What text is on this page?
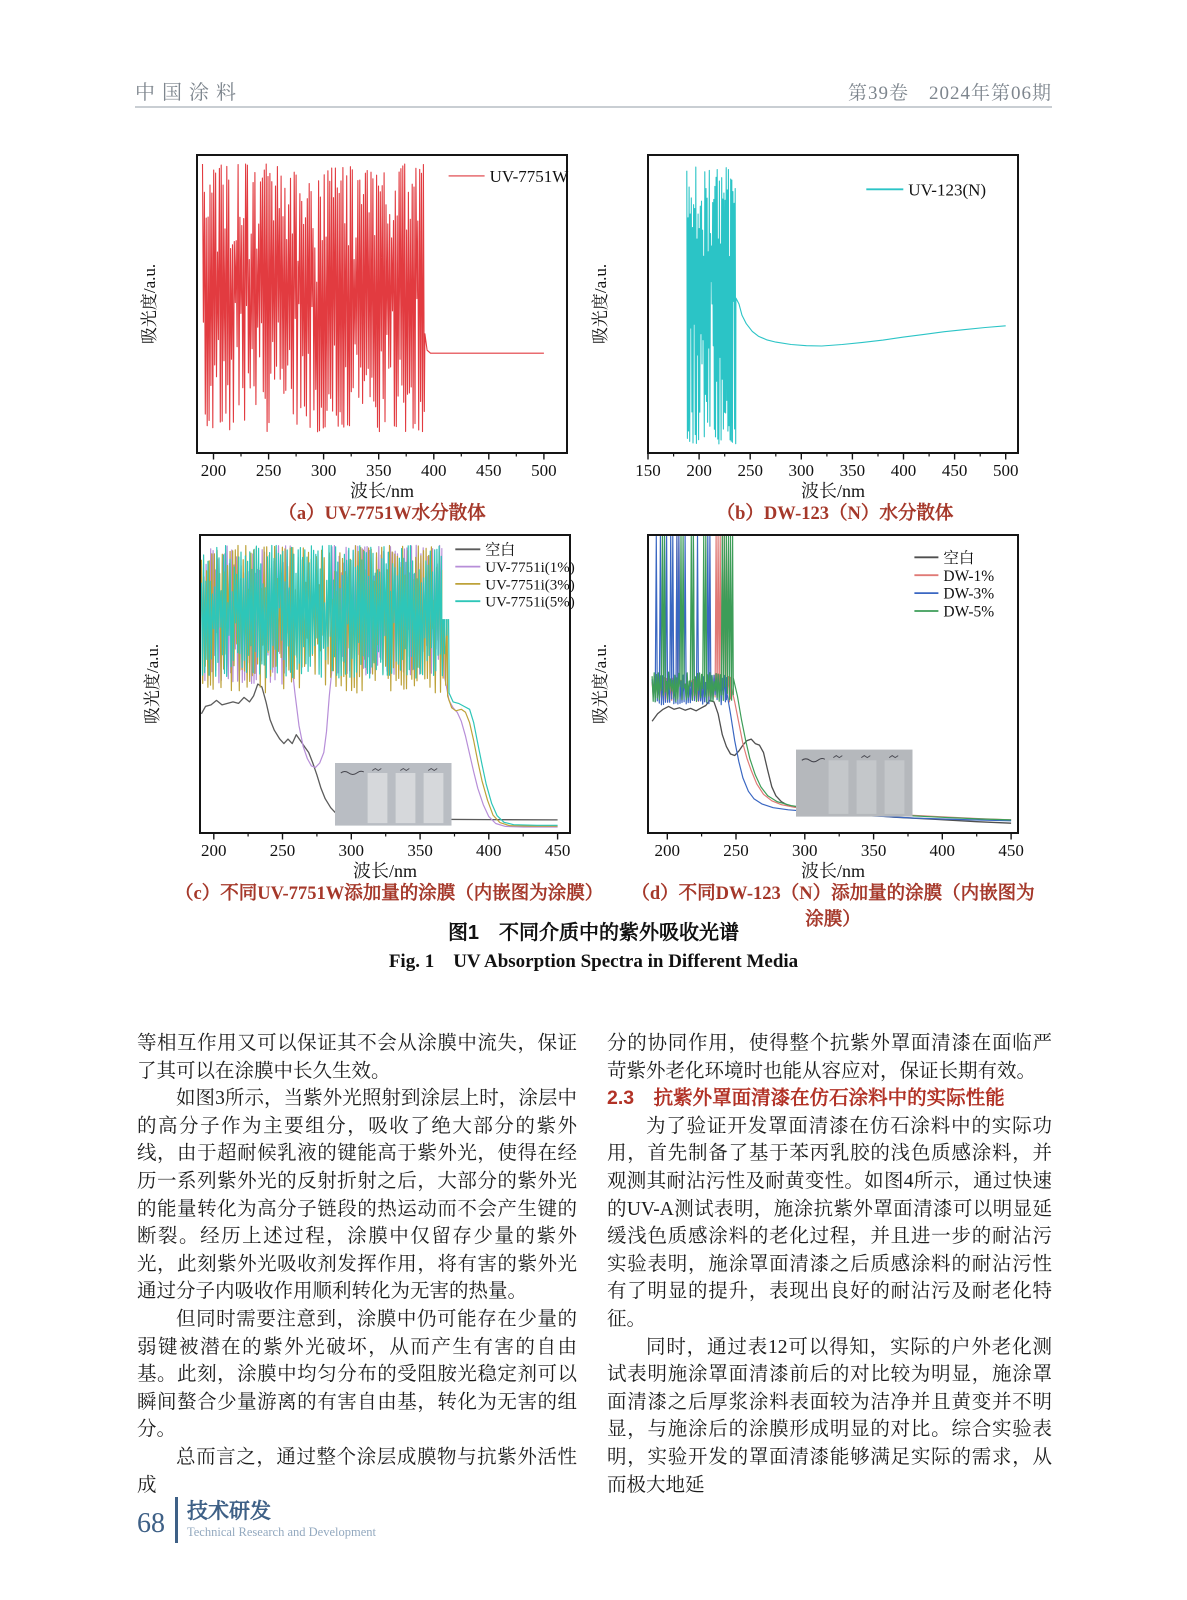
中国涂料	第39卷　2024年第06期
200 250 300 350 400 450 500
波长/nm
吸光度/a.u.
UV-7751W
150 200 250 300 350 400 450 500
波长/nm
吸光度/a.u.
UV-123(N)
200	250	300	350	400	450
波长/nm
吸光度/a.u.
空白
UV-7751i(1%)
UV-7751i(3%)
UV-7751i(5%)
200	250	300	350	400	450
波长/nm
吸光度/a.u.
空白
DW-1%
DW-3%
DW-5%
（a）UV-7751W水分散体	（b）DW-123（N）水分散体
（c）不同UV-7751W添加量的涂膜（内嵌图为涂膜）	（d）不同DW-123（N）添加量的涂膜（内嵌图为涂膜）
图1　不同介质中的紫外吸收光谱
Fig. 1　UV Absorption Spectra in Different Media

等相互作用又可以保证其不会从涂膜中流失，保证了其可以在涂膜中长久生效。

如图3所示，当紫外光照射到涂层上时，涂层中的高分子作为主要组分，吸收了绝大部分的紫外线，由于超耐候乳液的键能高于紫外光，使得在经历一系列紫外光的反射折射之后，大部分的紫外光的能量转化为高分子链段的热运动而不会产生键的断裂。经历上述过程，涂膜中仅留存少量的紫外光，此刻紫外光吸收剂发挥作用，将有害的紫外光通过分子内吸收作用顺利转化为无害的热量。

但同时需要注意到，涂膜中仍可能存在少量的弱键被潜在的紫外光破坏，从而产生有害的自由基。此刻，涂膜中均匀分布的受阻胺光稳定剂可以瞬间螯合少量游离的有害自由基，转化为无害的组分。

总而言之，通过整个涂层成膜物与抗紫外活性成

分的协同作用，使得整个抗紫外罩面清漆在面临严苛紫外老化环境时也能从容应对，保证长期有效。

2.3　抗紫外罩面清漆在仿石涂料中的实际性能

为了验证开发罩面清漆在仿石涂料中的实际功用，首先制备了基于苯丙乳胶的浅色质感涂料，并观测其耐沾污性及耐黄变性。如图4所示，通过快速的UV-A测试表明，施涂抗紫外罩面清漆可以明显延缓浅色质感涂料的老化过程，并且进一步的耐沾污实验表明，施涂罩面清漆之后质感涂料的耐沾污性有了明显的提升，表现出良好的耐沾污及耐老化特征。

同时，通过表12可以得知，实际的户外老化测试表明施涂罩面清漆前后的对比较为明显，施涂罩面清漆之后厚浆涂料表面较为洁净并且黄变并不明显，与施涂后的涂膜形成明显的对比。综合实验表明，实验开发的罩面清漆能够满足实际的需求，从而极大地延

68 技术研发
Technical Research and Development
